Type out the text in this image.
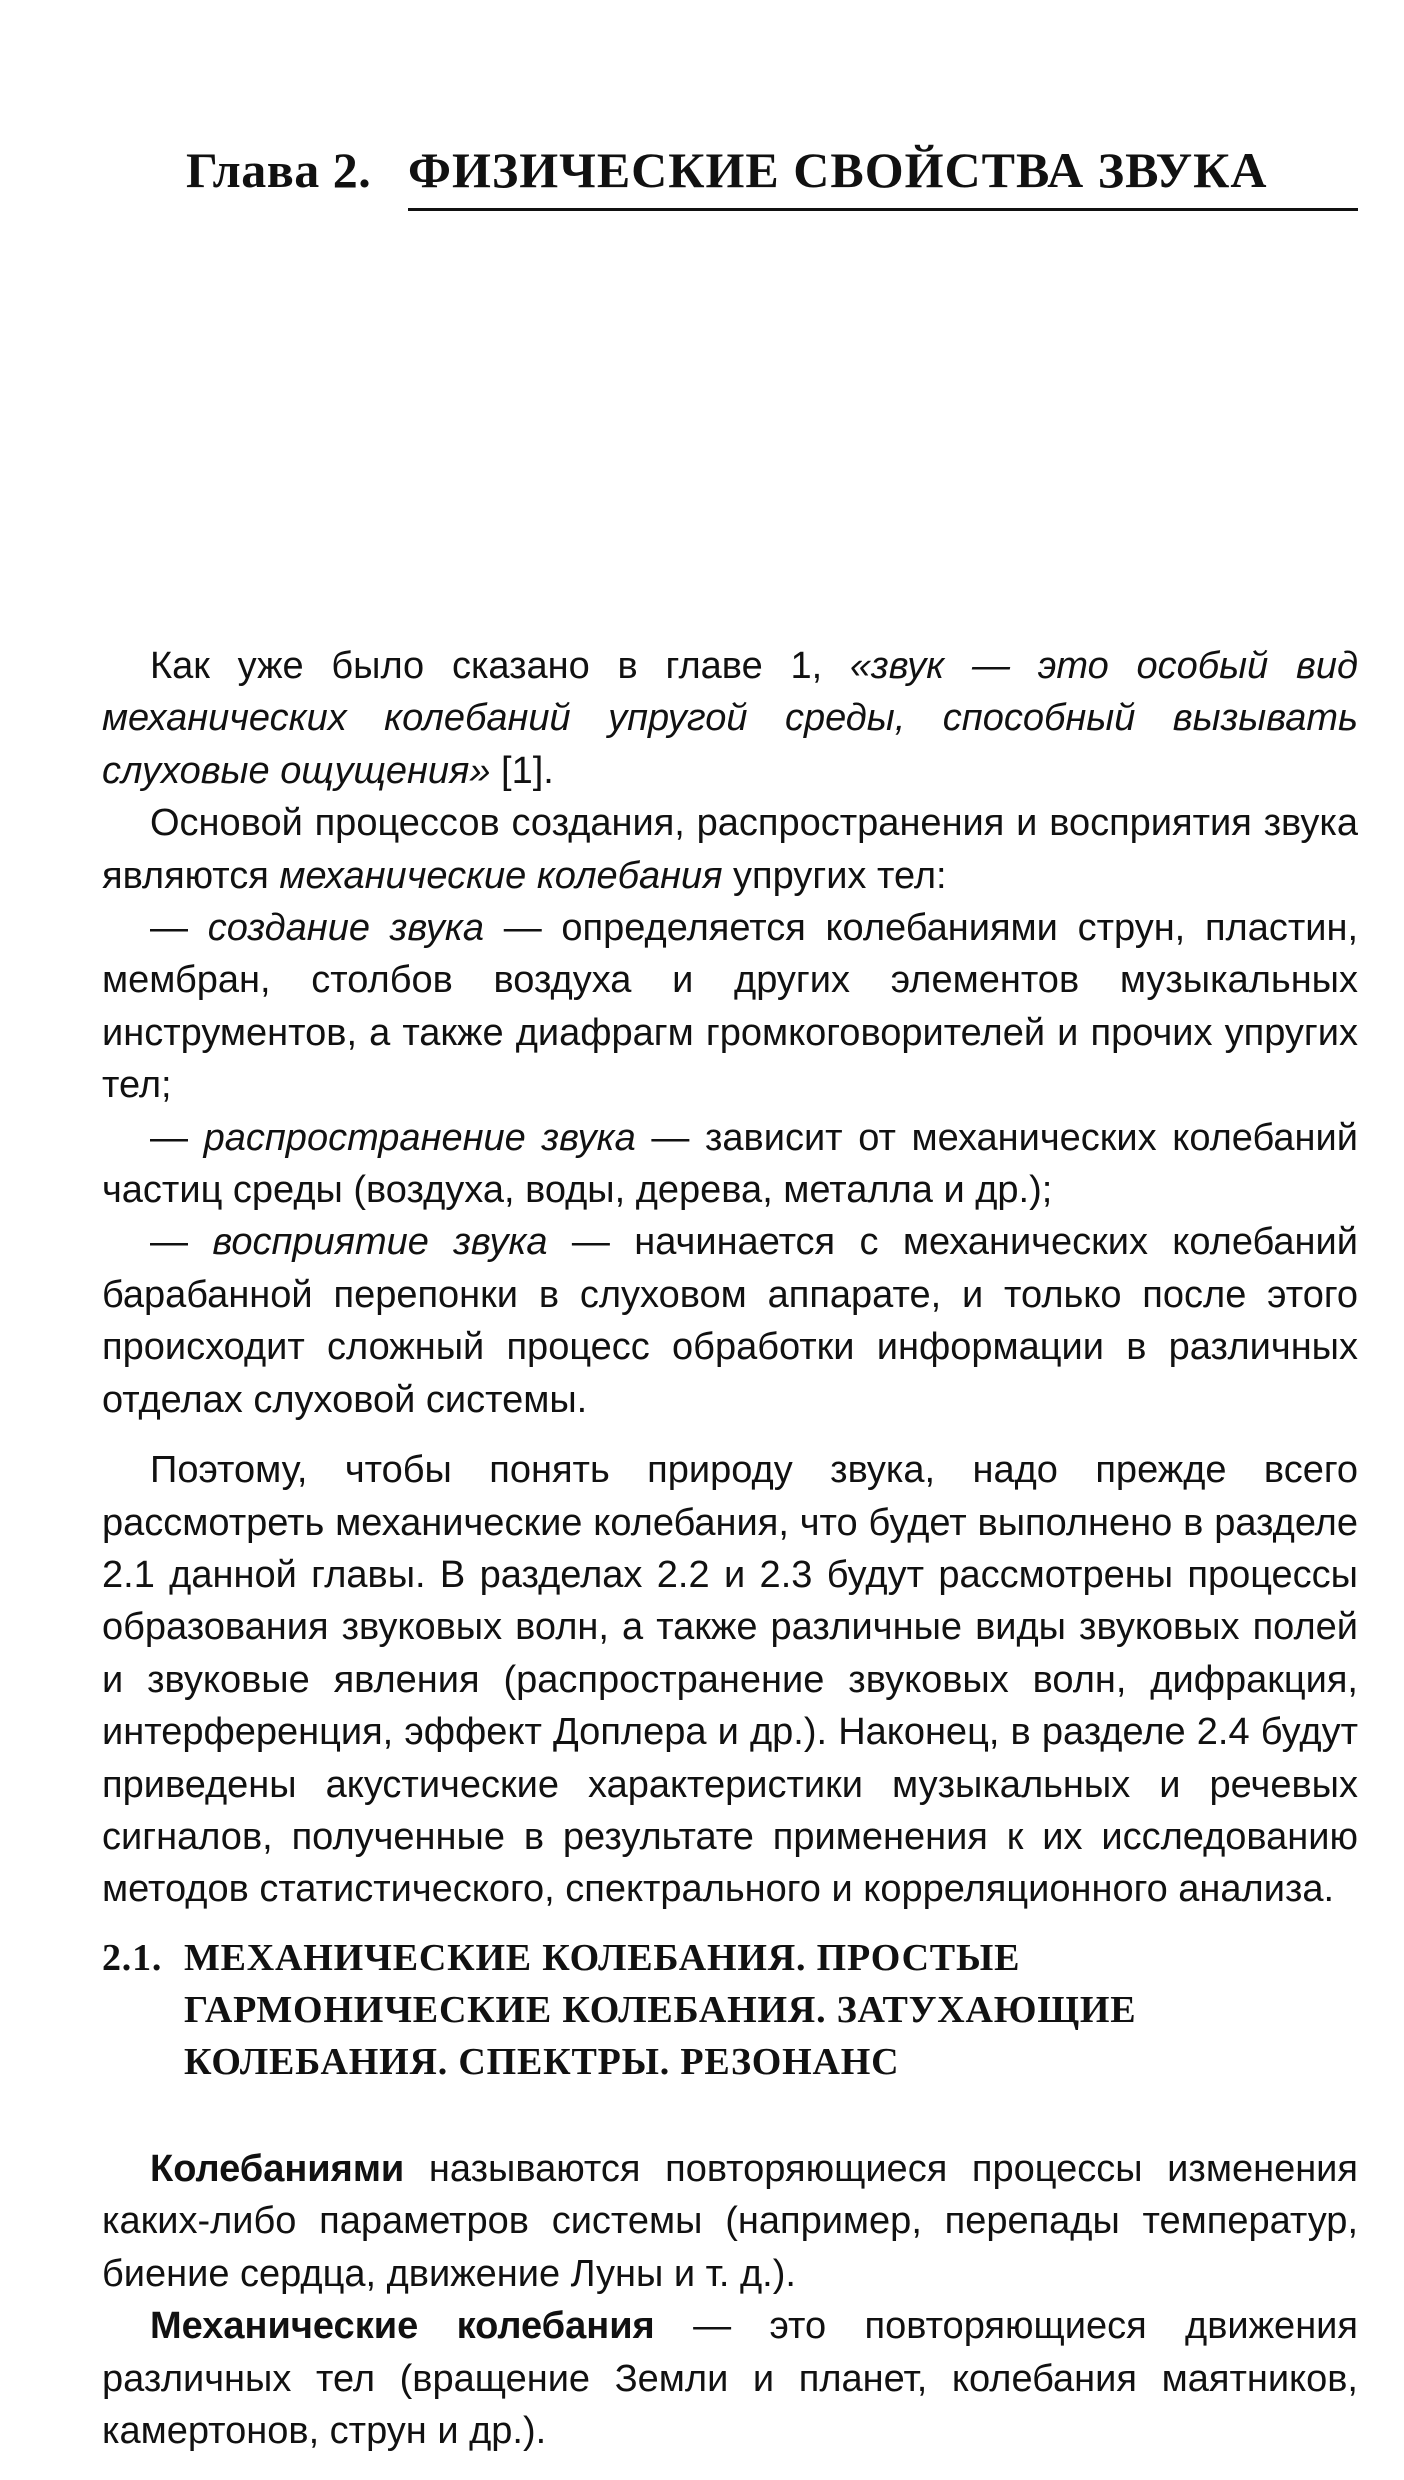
Глава 2. ФИЗИЧЕСКИЕ СВОЙСТВА ЗВУКА

Как уже было сказано в главе 1, «звук — это особый вид механических колебаний упругой среды, способный вызывать слуховые ощущения» [1].

Основой процессов создания, распространения и восприятия звука являются механические колебания упругих тел:

— создание звука — определяется колебаниями струн, пластин, мембран, столбов воздуха и других элементов музыкальных инструментов, а также диафрагм громкоговорителей и прочих упругих тел;

— распространение звука — зависит от механических колебаний частиц среды (воздуха, воды, дерева, металла и др.);

— восприятие звука — начинается с механических колебаний барабанной перепонки в слуховом аппарате, и только после этого происходит сложный процесс обработки информации в различных отделах слуховой системы.

Поэтому, чтобы понять природу звука, надо прежде всего рассмотреть механические колебания, что будет выполнено в разделе 2.1 данной главы. В разделах 2.2 и 2.3 будут рассмотрены процессы образования звуковых волн, а также различные виды звуковых полей и звуковые явления (распространение звуковых волн, дифракция, интерференция, эффект Доплера и др.). Наконец, в разделе 2.4 будут приведены акустические характеристики музыкальных и речевых сигналов, полученные в результате применения к их исследованию методов статистического, спектрального и корреляционного анализа.

2.1. МЕХАНИЧЕСКИЕ КОЛЕБАНИЯ. ПРОСТЫЕ
ГАРМОНИЧЕСКИЕ КОЛЕБАНИЯ. ЗАТУХАЮЩИЕ
КОЛЕБАНИЯ. СПЕКТРЫ. РЕЗОНАНС

Колебаниями называются повторяющиеся процессы изменения каких-либо параметров системы (например, перепады температур, биение сердца, движение Луны и т. д.).

Механические колебания — это повторяющиеся движения различных тел (вращение Земли и планет, колебания маятников, камертонов, струн и др.).
